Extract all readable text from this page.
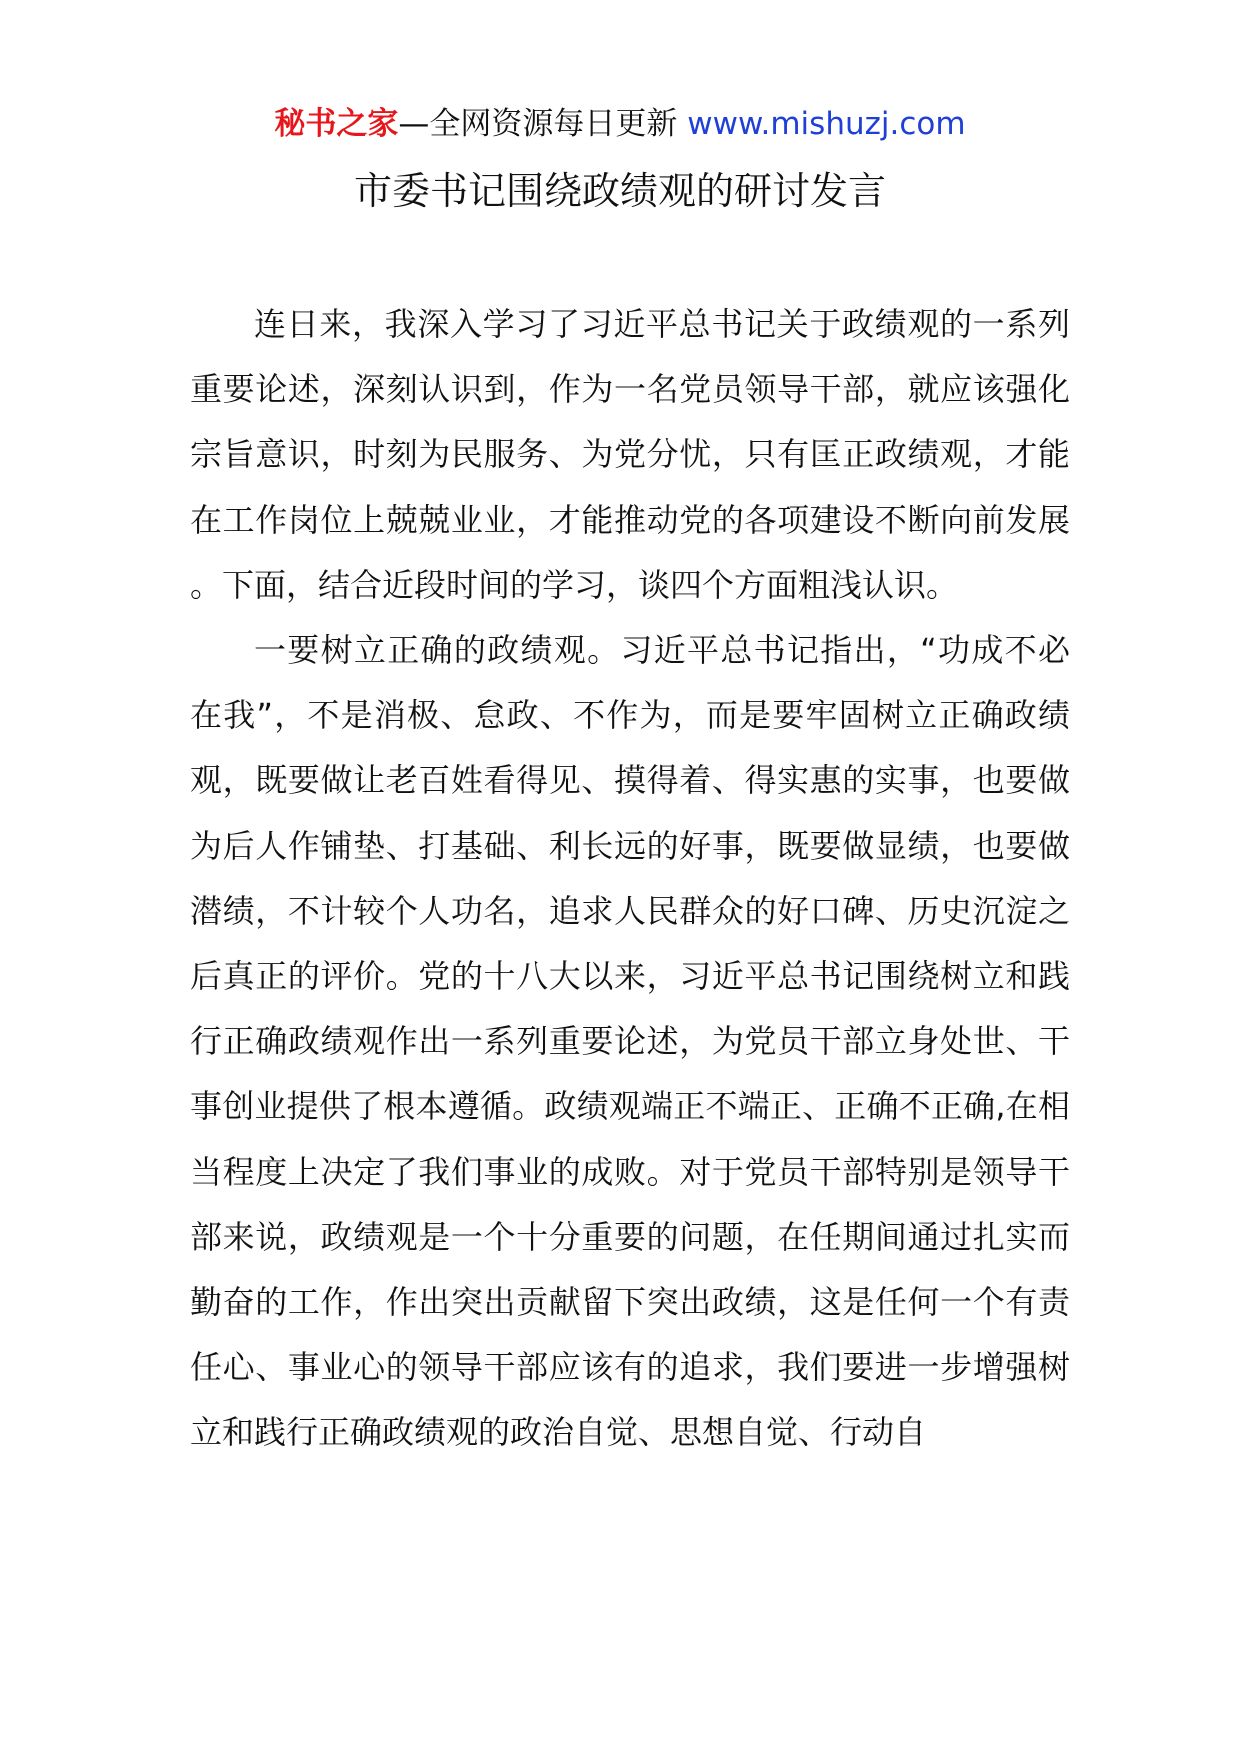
秘书之家—全网资源每日更新 www.mishuzj.com
市委书记围绕政绩观的研讨发言

连日来，我深入学习了习近平总书记关于政绩观的一系列重要论述，深刻认识到，作为一名党员领导干部，就应该强化宗旨意识，时刻为民服务、为党分忧，只有匡正政绩观，才能在工作岗位上兢兢业业，才能推动党的各项建设不断向前发展。下面，结合近段时间的学习，谈四个方面粗浅认识。

一要树立正确的政绩观。习近平总书记指出，“功成不必在我”，不是消极、怠政、不作为，而是要牢固树立正确政绩观，既要做让老百姓看得见、摸得着、得实惠的实事，也要做为后人作铺垫、打基础、利长远的好事，既要做显绩，也要做潜绩，不计较个人功名，追求人民群众的好口碑、历史沉淀之后真正的评价。党的十八大以来，习近平总书记围绕树立和践行正确政绩观作出一系列重要论述，为党员干部立身处世、干事创业提供了根本遵循。政绩观端正不端正、正确不正确,在相当程度上决定了我们事业的成败。对于党员干部特别是领导干部来说，政绩观是一个十分重要的问题，在任期间通过扎实而勤奋的工作，作出突出贡献留下突出政绩，这是任何一个有责任心、事业心的领导干部应该有的追求，我们要进一步增强树立和践行正确政绩观的政治自觉、思想自觉、行动自
